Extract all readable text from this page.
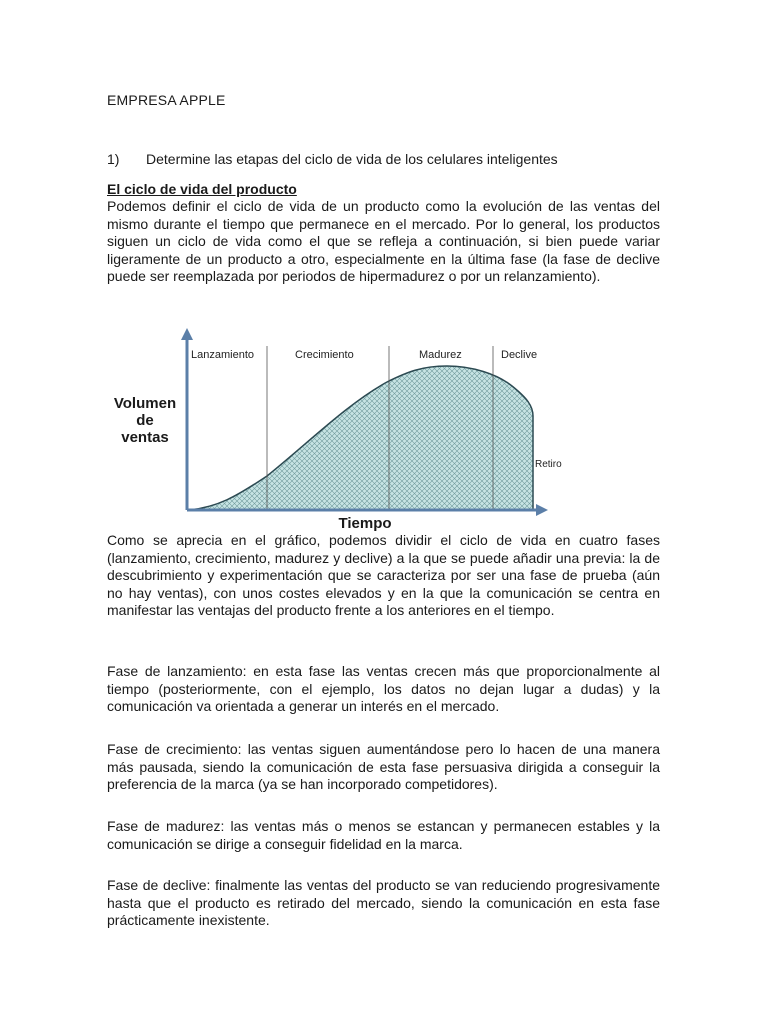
EMPRESA APPLE

1) Determine las etapas del ciclo de vida de los celulares inteligentes

El ciclo de vida del producto

Podemos definir el ciclo de vida de un producto como la evolución de las ventas del mismo durante el tiempo que permanece en el mercado. Por lo general, los productos siguen un ciclo de vida como el que se refleja a continuación, si bien puede variar ligeramente de un producto a otro, especialmente en la última fase (la fase de declive puede ser reemplazada por periodos de hipermadurez o por un relanzamiento).

Lanzamiento	Crecimiento	Madurez	Declive
Retiro
Volumen
de
ventas
Tiempo

Como se aprecia en el gráfico, podemos dividir el ciclo de vida en cuatro fases (lanzamiento, crecimiento, madurez y declive) a la que se puede añadir una previa: la de descubrimiento y experimentación que se caracteriza por ser una fase de prueba (aún no hay ventas), con unos costes elevados y en la que la comunicación se centra en manifestar las ventajas del producto frente a los anteriores en el tiempo.

Fase de lanzamiento: en esta fase las ventas crecen más que proporcionalmente al tiempo (posteriormente, con el ejemplo, los datos no dejan lugar a dudas) y la comunicación va orientada a generar un interés en el mercado.

Fase de crecimiento: las ventas siguen aumentándose pero lo hacen de una manera más pausada, siendo la comunicación de esta fase persuasiva dirigida a conseguir la preferencia de la marca (ya se han incorporado competidores).

Fase de madurez: las ventas más o menos se estancan y permanecen estables y la comunicación se dirige a conseguir fidelidad en la marca.

Fase de declive: finalmente las ventas del producto se van reduciendo progresivamente hasta que el producto es retirado del mercado, siendo la comunicación en esta fase prácticamente inexistente.
